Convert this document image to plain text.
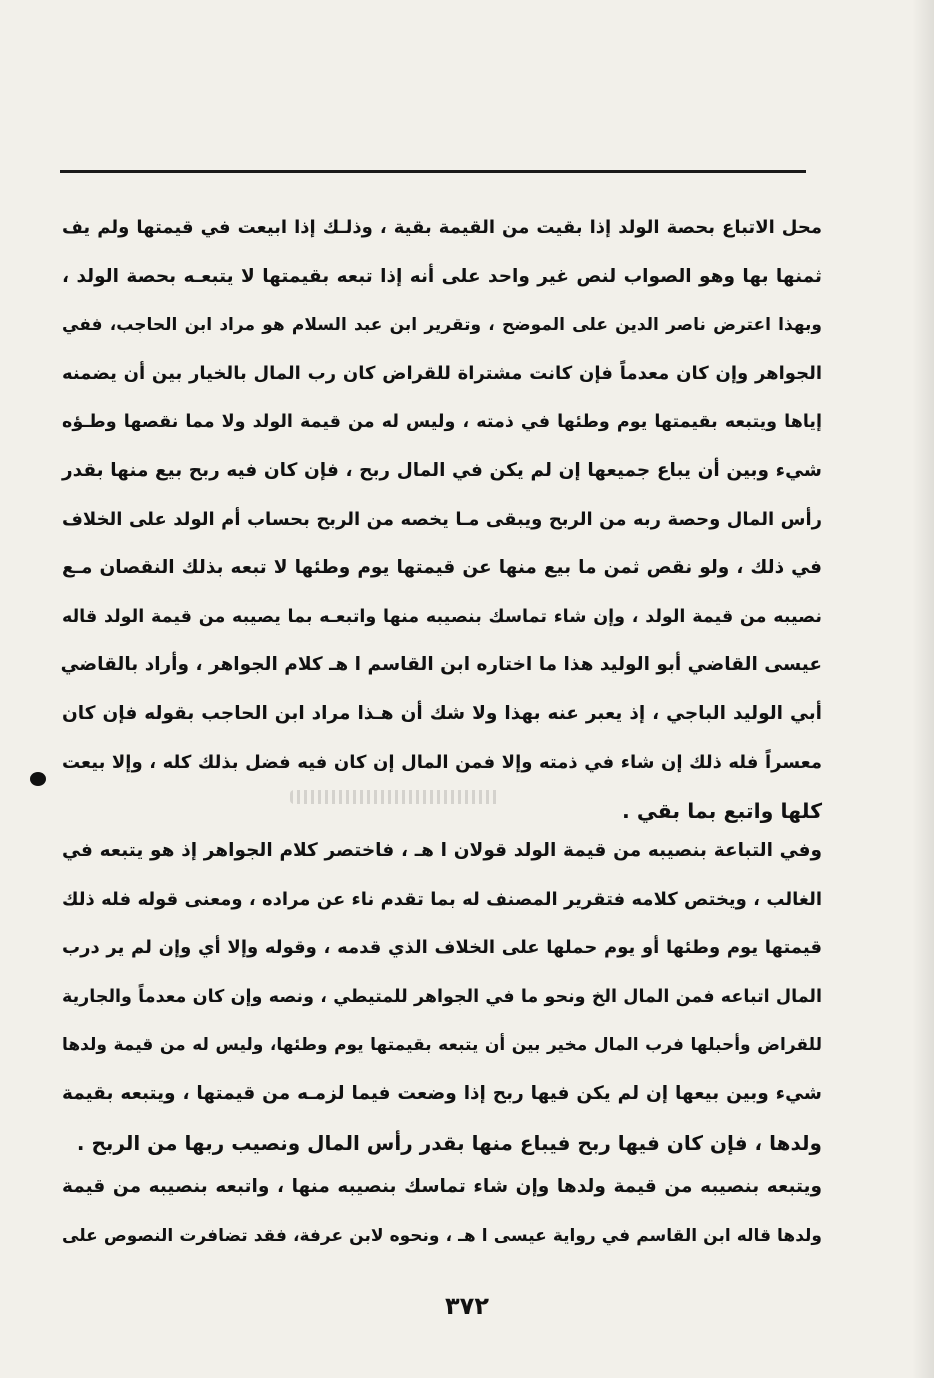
محل الاتباع بحصة الولد إذا بقيت من القيمة بقية ، وذلـك إذا ابيعت في قيمتها ولم يف
ثمنها بها وهو الصواب لنص غير واحد على أنه إذا تبعه بقيمتها لا يتبعـه بحصة الولد ،
وبهذا اعترض ناصر الدين على الموضح ، وتقرير ابن عبد السلام هو مراد ابن الحاجب، ففي
الجواهر وإن كان معدماً فإن كانت مشتراة للقراض كان رب المال بالخيار بين أن يضمنه
إياها ويتبعه بقيمتها يوم وطئها في ذمته ، وليس له من قيمة الولد ولا مما نقصها وطـؤه
شيء وبين أن يباع جميعها إن لم يكن في المال ربح ، فإن كان فيه ربح بيع منها بقدر
رأس المال وحصة ربه من الربح ويبقى مـا يخصه من الربح بحساب أم الولد على الخلاف
في ذلك ، ولو نقص ثمن ما بيع منها عن قيمتها يوم وطئها لا تبعه بذلك النقصان مـع
نصيبه من قيمة الولد ، وإن شاء تماسك بنصيبه منها واتبعـه بما يصيبه من قيمة الولد قاله
عيسى القاضي أبو الوليد هذا ما اختاره ابن القاسم ا هـ كلام الجواهر ، وأراد بالقاضي
أبي الوليد الباجي ، إذ يعبر عنه بهذا ولا شك أن هـذا مراد ابن الحاجب بقوله فإن كان
معسراً فله ذلك إن شاء في ذمته وإلا فمن المال إن كان فيه فضل بذلك كله ، وإلا بيعت
كلها واتبع بما بقي .
وفي التباعة بنصيبه من قيمة الولد قولان ا هـ ، فاختصر كلام الجواهر إذ هو يتبعه في
الغالب ، ويختص كلامه فتقرير المصنف له بما تقدم ناء عن مراده ، ومعنى قوله فله ذلك
قيمتها يوم وطئها أو يوم حملها على الخلاف الذي قدمه ، وقوله وإلا أي وإن لم ير درب
المال اتباعه فمن المال الخ ونحو ما في الجواهر للمتيطي ، ونصه وإن كان معدماً والجارية
للقراض وأحبلها فرب المال مخير بين أن يتبعه بقيمتها يوم وطئها، وليس له من قيمة ولدها
شيء وبين بيعها إن لم يكن فيها ربح إذا وضعت فيما لزمـه من قيمتها ، ويتبعه بقيمة
ولدها ، فإن كان فيها ربح فيباع منها بقدر رأس المال ونصيب ربها من الربح .
ويتبعه بنصيبه من قيمة ولدها وإن شاء تماسك بنصيبه منها ، واتبعه بنصيبه من قيمة
ولدها قاله ابن القاسم في رواية عيسى ا هـ ، ونحوه لابن عرفة، فقد تضافرت النصوص على
٣٧٢
